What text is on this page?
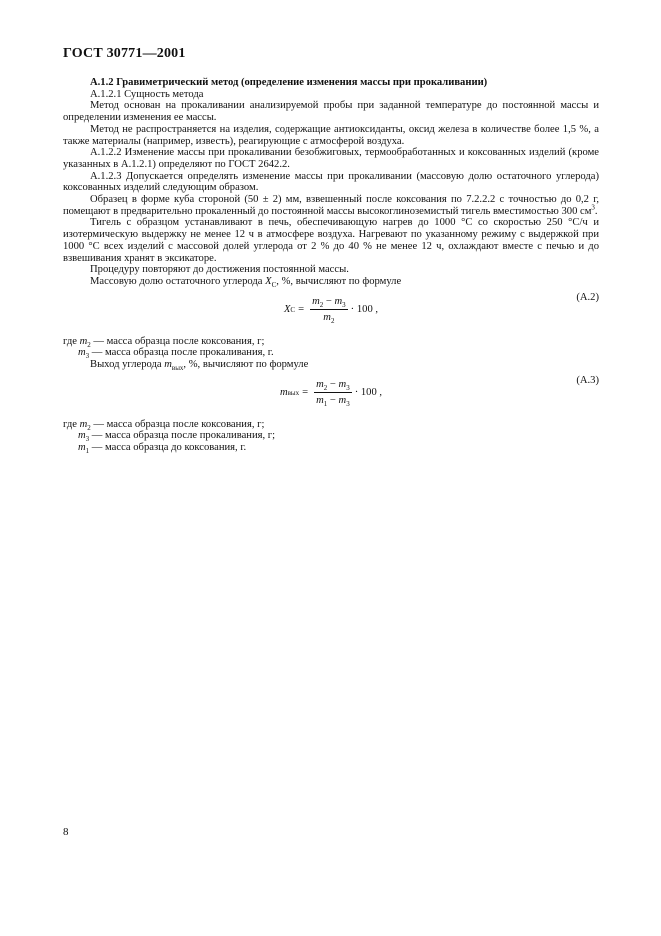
ГОСТ 30771—2001

А.1.2 Гравиметрический метод (определение изменения массы при прокаливании)

А.1.2.1 Сущность метода

Метод основан на прокаливании анализируемой пробы при заданной температуре до постоянной массы и определении изменения ее массы.

Метод не распространяется на изделия, содержащие антиоксиданты, оксид железа в количестве более 1,5 %, а также материалы (например, известь), реагирующие с атмосферой воздуха.

А.1.2.2 Изменение массы при прокаливании безобжиговых, термообработанных и коксованных изделий (кроме указанных в А.1.2.1) определяют по ГОСТ 2642.2.

А.1.2.3 Допускается определять изменение массы при прокаливании (массовую долю остаточного углерода) коксованных изделий следующим образом.

Образец в форме куба стороной (50 ± 2) мм, взвешенный после коксования по 7.2.2.2 с точностью до 0,2 г, помещают в предварительно прокаленный до постоянной массы высокоглиноземистый тигель вместимостью 300 $см^3$.

Тигель с образцом устанавливают в печь, обеспечивающую нагрев до 1000 °С со скоростью 250 °С/ч и изотермическую выдержку не менее 12 ч в атмосфере воздуха. Нагревают по указанному режиму с выдержкой при 1000 °С всех изделий с массовой долей углерода от 2 % до 40 % не менее 12 ч, охлаждают вместе с печью и до взвешивания хранят в эксикаторе.

Процедуру повторяют до достижения постоянной массы.

Массовую долю остаточного углерода $X_C$, %, вычисляют по формуле

X $C = \frac{m_2 - m_3}{m_2} \cdot 100$ ,
(А.2)

где $m_2$ — масса образца после коксования, г;

$m_3$ — масса образца после прокаливания, г.

Выход углерода $m_{вых}$, %, вычисляют по формуле

m вых = $\frac{m_2 - m_3}{m_1 - m_3} \cdot 100$ ,
(А.3)

где $m_2$ — масса образца после коксования, г;

$m_3$ — масса образца после прокаливания, г;

$m_1$ — масса образца до коксования, г.

8
